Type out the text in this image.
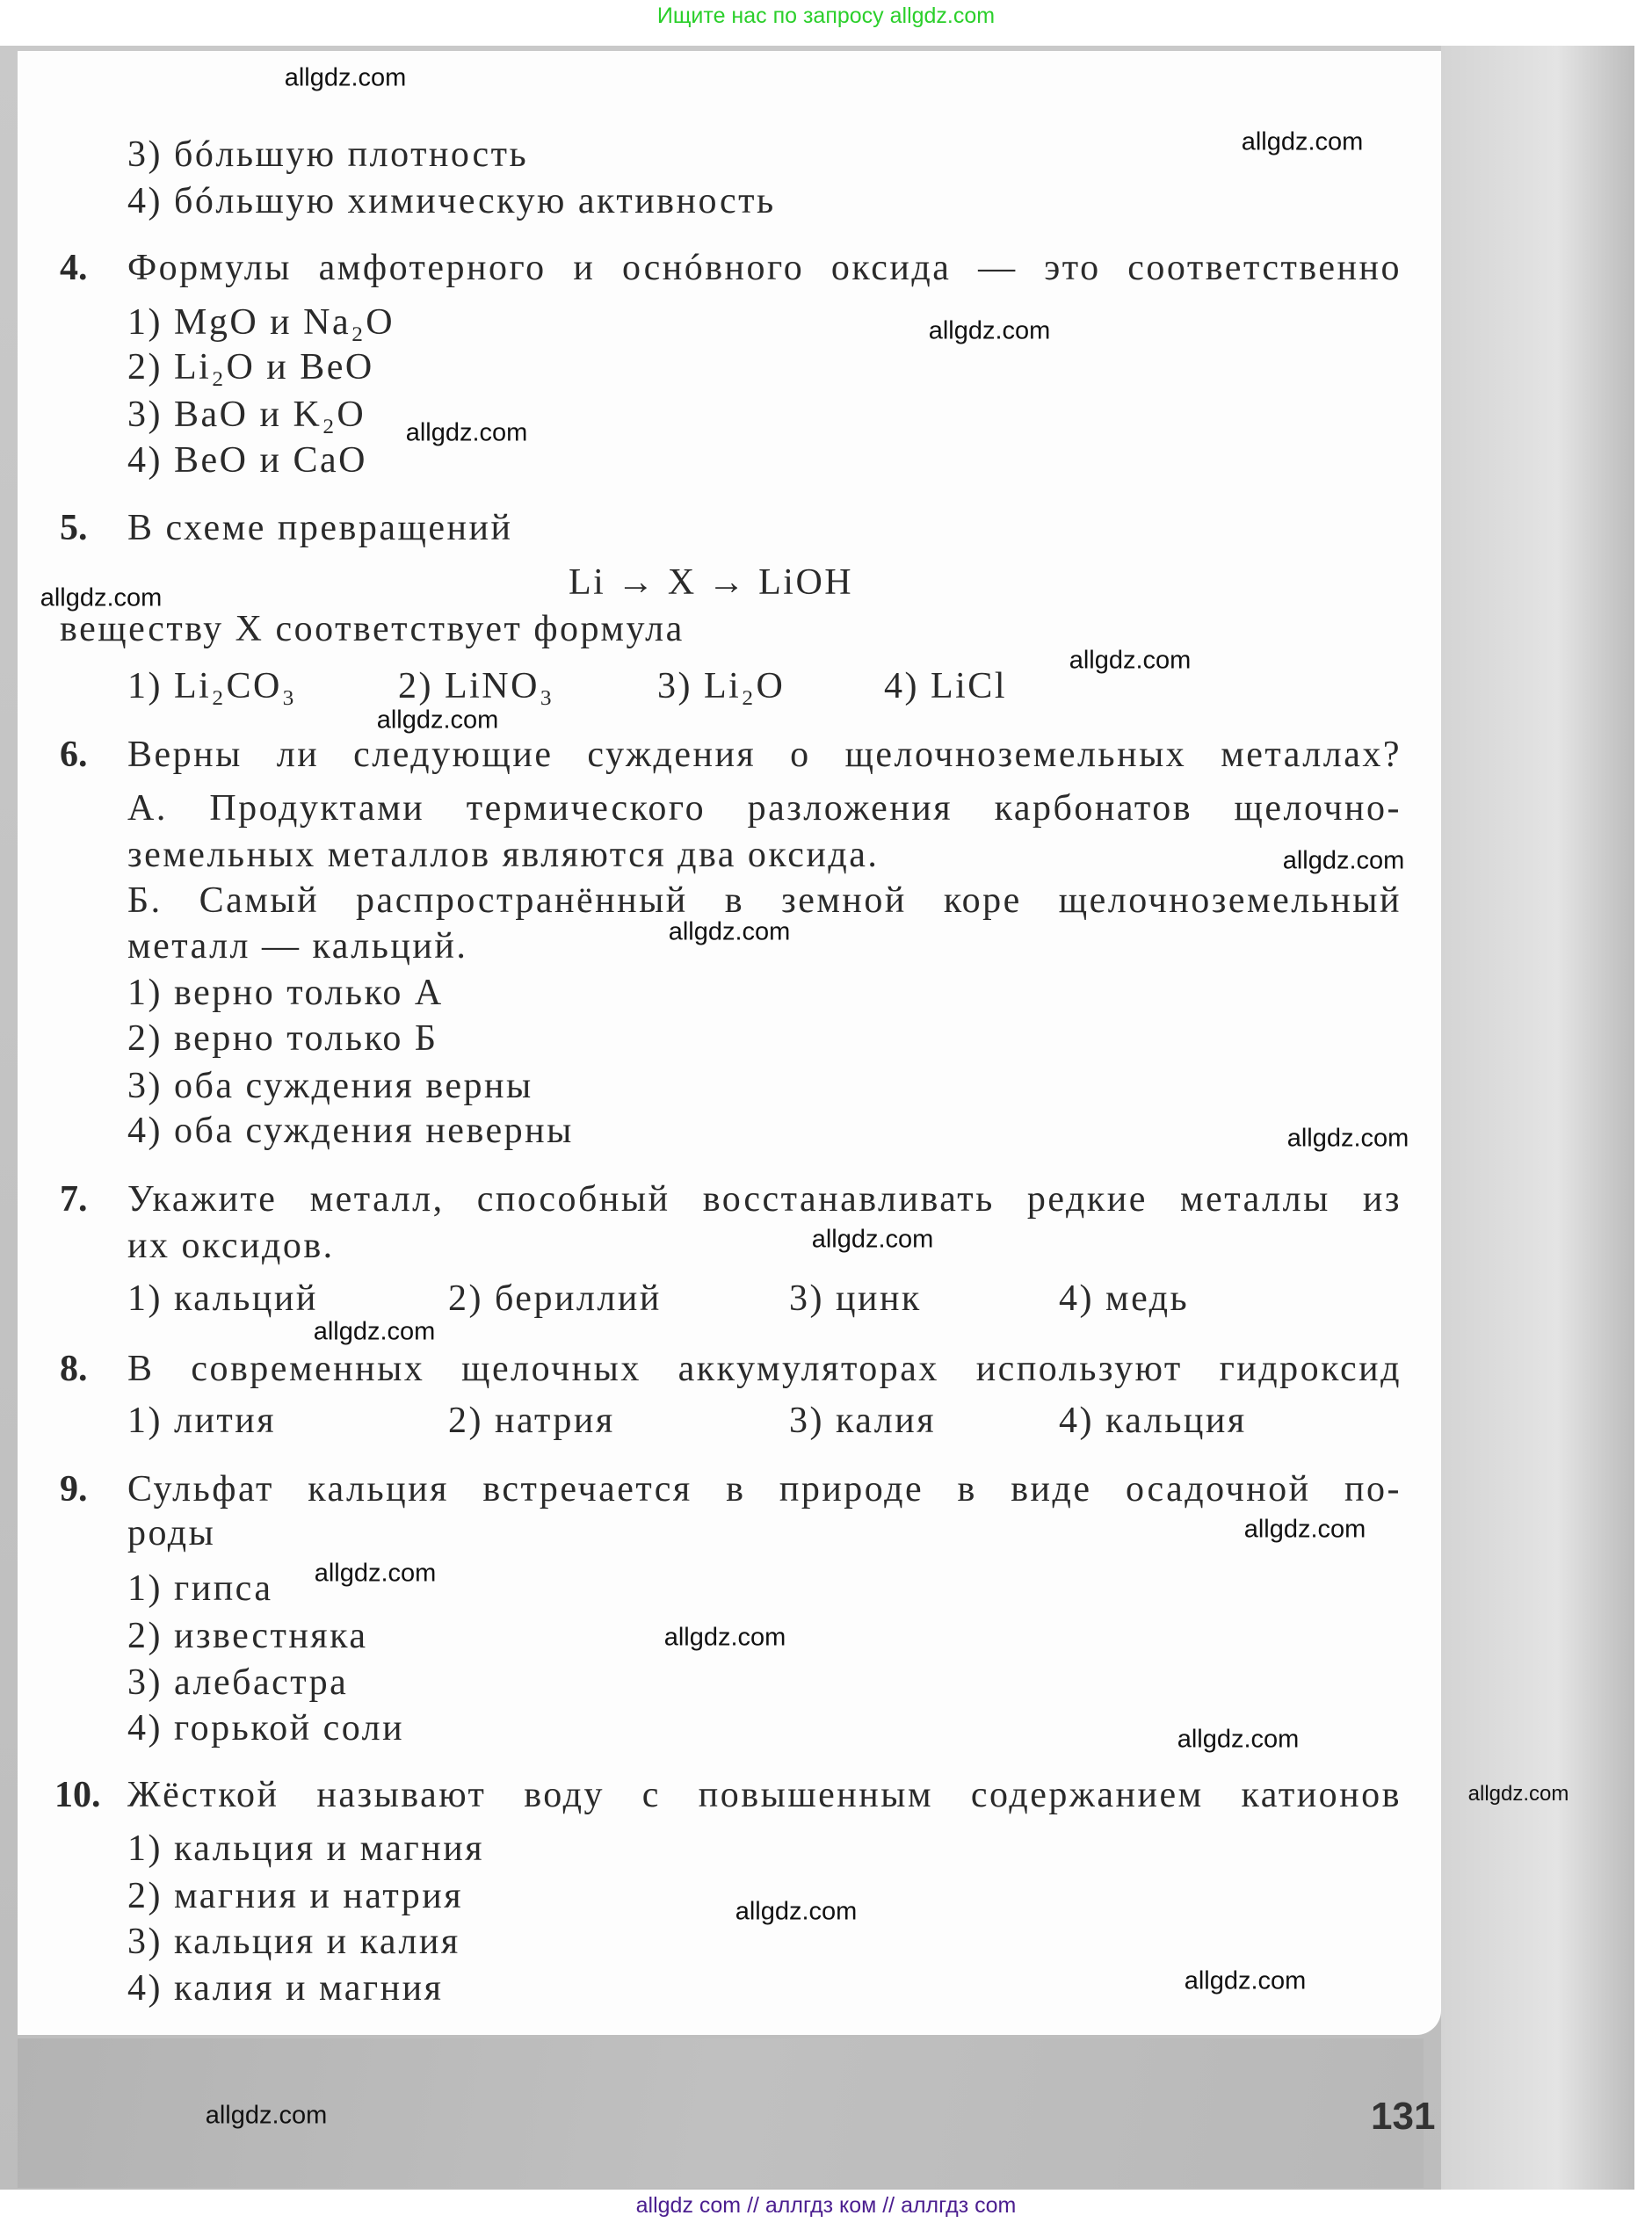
Ищите нас по запросу allgdz.com
3) бóльшую плотность
4) бóльшую химическую активность
4. Формулы амфотерного и оснóвного оксида — это соответственно
1) MgO и Na₂O
2) Li₂O и BeO
3) BaO и K₂O
4) BeO и CaO
5. В схеме превращений
Li → X → LiOH
веществу X соответствует формула
1) Li₂CO₃	2) LiNO₃	3) Li₂O	4) LiCl
6. Верны ли следующие суждения о щелочноземельных металлах?
А. Продуктами термического разложения карбонатов щелочно-
земельных металлов являются два оксида.
Б. Самый распространённый в земной коре щелочноземельный
металл — кальций.
1) верно только А
2) верно только Б
3) оба суждения верны
4) оба суждения неверны
7. Укажите металл, способный восстанавливать редкие металлы из
их оксидов.
1) кальций	2) бериллий	3) цинк	4) медь
8. В современных щелочных аккумуляторах используют гидроксид
1) лития	2) натрия	3) калия	4) кальция
9. Сульфат кальция встречается в природе в виде осадочной по-
роды
1) гипса
2) известняка
3) алебастра
4) горькой соли
10. Жёсткой называют воду с повышенным содержанием катионов
1) кальция и магния
2) магния и натрия
3) кальция и калия
4) калия и магния
131
allgdz.com
allgdz.com
allgdz.com
allgdz.com
allgdz.com
allgdz.com
allgdz.com
allgdz.com
allgdz.com
allgdz.com
allgdz.com
allgdz.com
allgdz.com
allgdz.com
allgdz.com
allgdz.com
allgdz.com
allgdz.com
allgdz.com
allgdz.com
allgdz com // аллгдз ком // аллгдз com
